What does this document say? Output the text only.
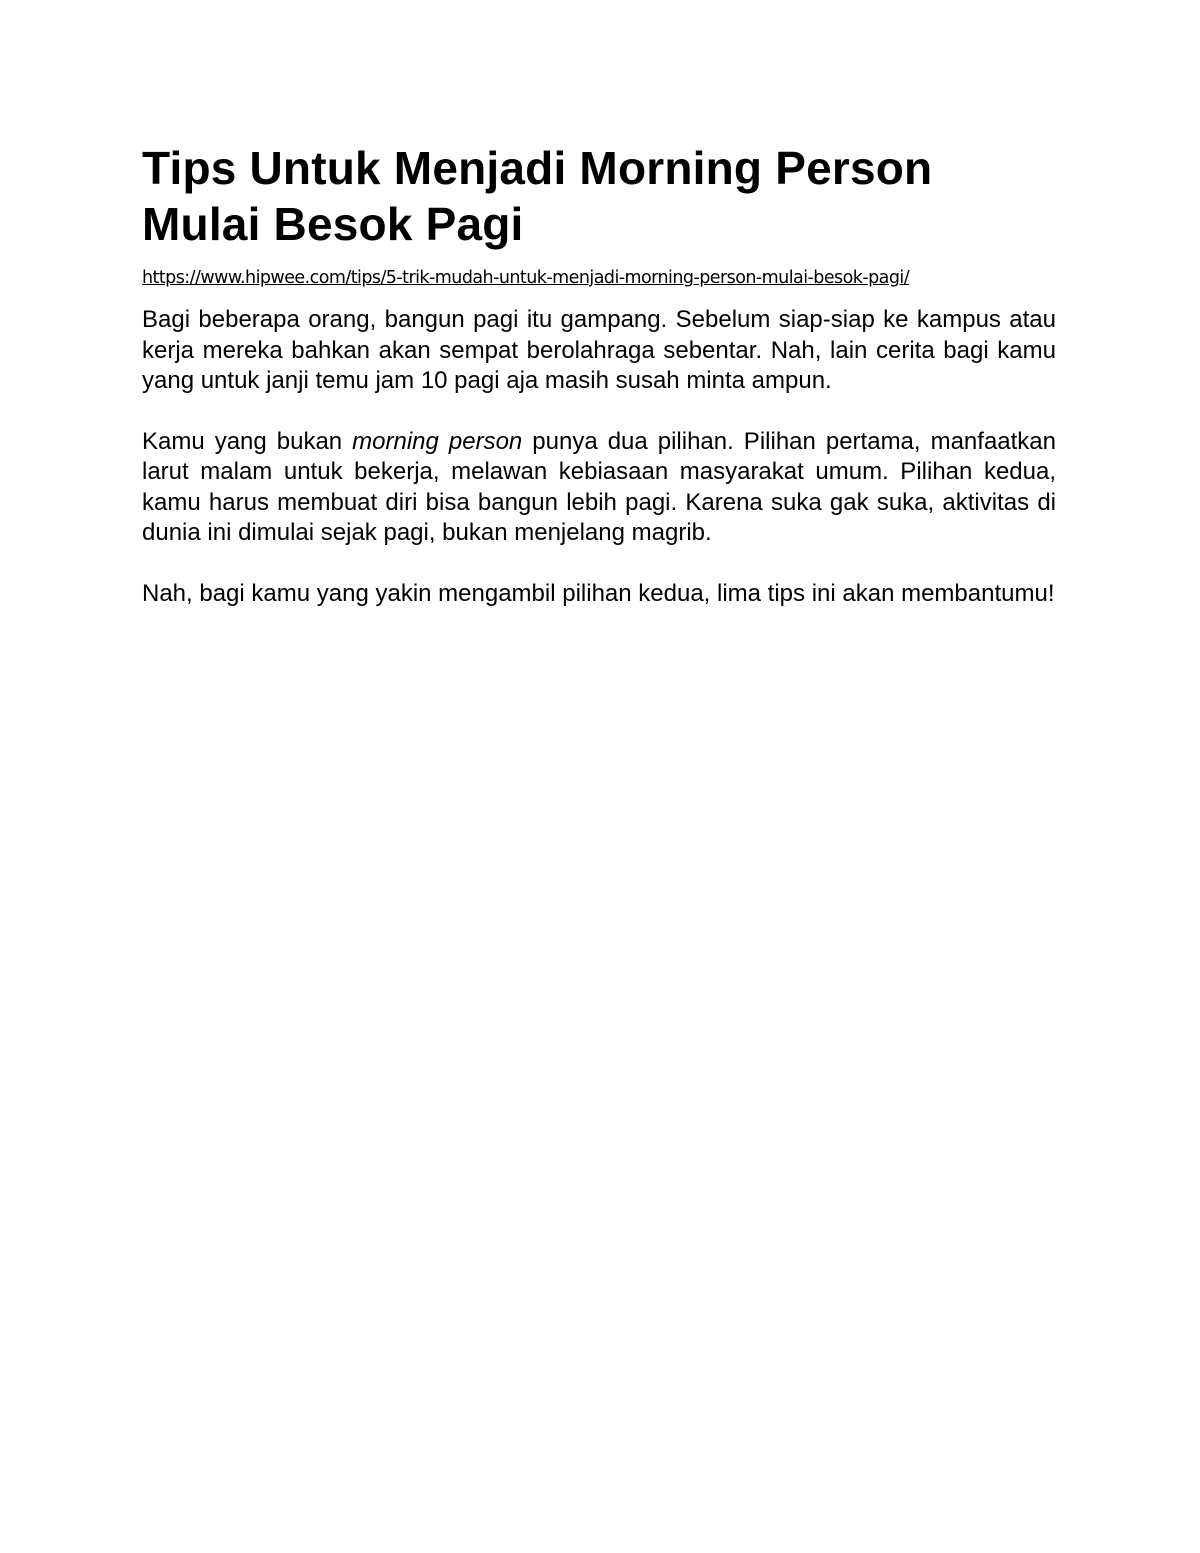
Tips Untuk Menjadi Morning Person Mulai Besok Pagi
https://www.hipwee.com/tips/5-trik-mudah-untuk-menjadi-morning-person-mulai-besok-pagi/

Bagi beberapa orang, bangun pagi itu gampang. Sebelum siap-siap ke kampus atau kerja mereka bahkan akan sempat berolahraga sebentar. Nah, lain cerita bagi kamu yang untuk janji temu jam 10 pagi aja masih susah minta ampun.

Kamu yang bukan morning person punya dua pilihan. Pilihan pertama, manfaatkan larut malam untuk bekerja, melawan kebiasaan masyarakat umum. Pilihan kedua, kamu harus membuat diri bisa bangun lebih pagi. Karena suka gak suka, aktivitas di dunia ini dimulai sejak pagi, bukan menjelang magrib.

Nah, bagi kamu yang yakin mengambil pilihan kedua, lima tips ini akan membantumu!
